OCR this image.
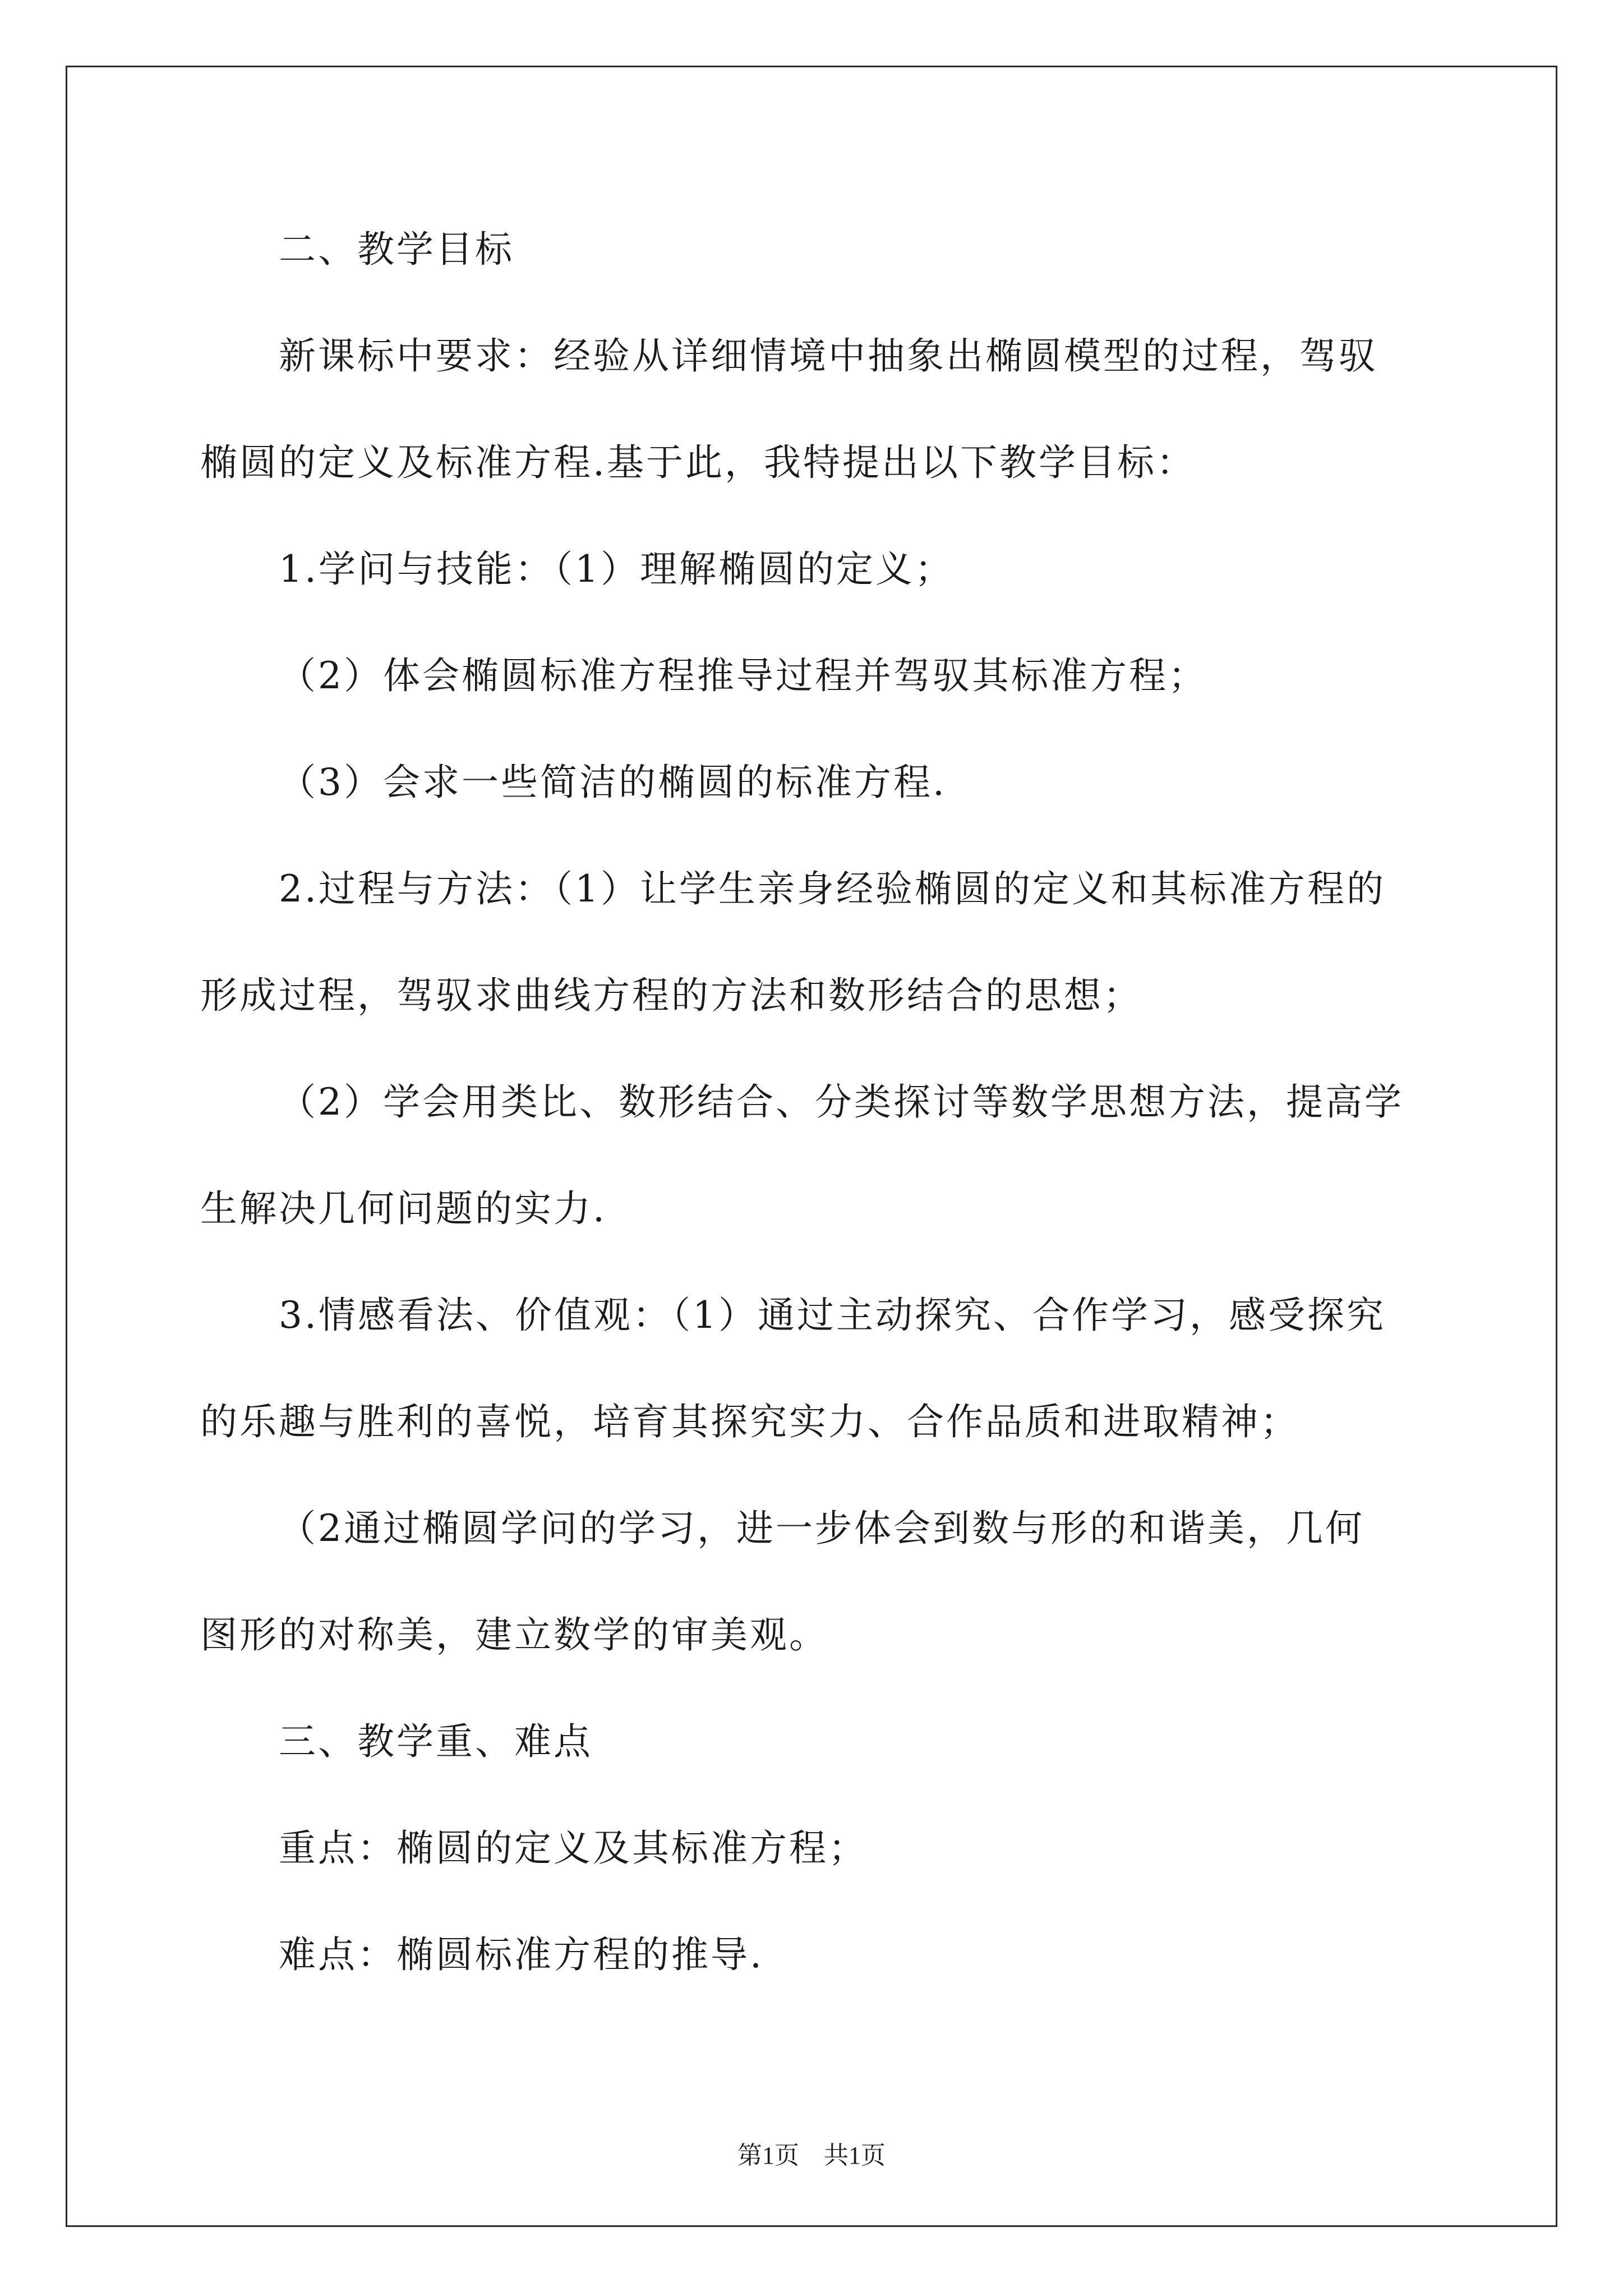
二、教学目标
新课标中要求：经验从详细情境中抽象出椭圆模型的过程，驾驭
椭圆的定义及标准方程.基于此，我特提出以下教学目标：
1.学问与技能：（1）理解椭圆的定义；
（2）体会椭圆标准方程推导过程并驾驭其标准方程；
（3）会求一些简洁的椭圆的标准方程.
2.过程与方法：（1）让学生亲身经验椭圆的定义和其标准方程的
形成过程，驾驭求曲线方程的方法和数形结合的思想；
（2）学会用类比、数形结合、分类探讨等数学思想方法，提高学
生解决几何问题的实力.
3.情感看法、价值观：（1）通过主动探究、合作学习，感受探究
的乐趣与胜利的喜悦，培育其探究实力、合作品质和进取精神；
（2通过椭圆学问的学习，进一步体会到数与形的和谐美，几何
图形的对称美，建立数学的审美观。
三、教学重、难点
重点：椭圆的定义及其标准方程；
难点：椭圆标准方程的推导.
第1页　共1页
